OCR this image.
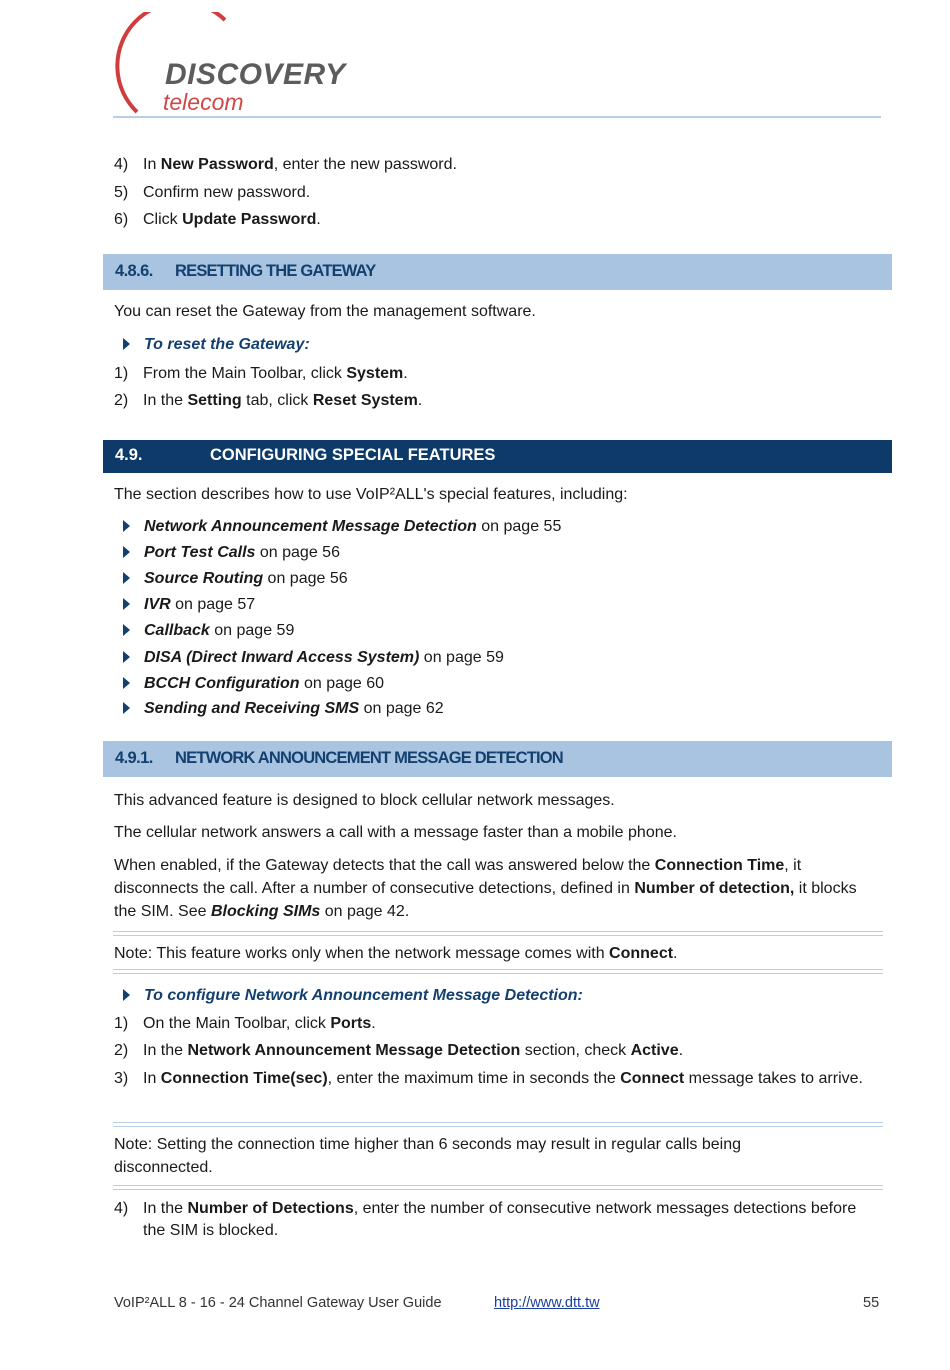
DISCOVERY
telecom
4) In New Password, enter the new password.
5) Confirm new password.
6) Click Update Password.
4.8.6. RESETTING THE GATEWAY
You can reset the Gateway from the management software.
To reset the Gateway:
1) From the Main Toolbar, click System.
2) In the Setting tab, click Reset System.
4.9.	CONFIGURING SPECIAL FEATURES
The section describes how to use VoIP²ALL's special features, including:
Network Announcement Message Detection on page 55
Port Test Calls on page 56
Source Routing on page 56
IVR on page 57
Callback on page 59
DISA (Direct Inward Access System) on page 59
BCCH Configuration on page 60
Sending and Receiving SMS on page 62
4.9.1. NETWORK ANNOUNCEMENT MESSAGE DETECTION
This advanced feature is designed to block cellular network messages.
The cellular network answers a call with a message faster than a mobile phone.
When enabled, if the Gateway detects that the call was answered below the Connection Time, it disconnects the call. After a number of consecutive detections, defined in Number of detection, it blocks the SIM. See Blocking SIMs on page 42.
Note: This feature works only when the network message comes with Connect.
To configure Network Announcement Message Detection:
1) On the Main Toolbar, click Ports.
2) In the Network Announcement Message Detection section, check Active.
3) In Connection Time(sec), enter the maximum time in seconds the Connect message takes to arrive.
Note: Setting the connection time higher than 6 seconds may result in regular calls being disconnected.
4) In the Number of Detections, enter the number of consecutive network messages detections before the SIM is blocked.
VoIP²ALL 8 - 16 - 24 Channel Gateway User Guide	http://www.dtt.tw	55
